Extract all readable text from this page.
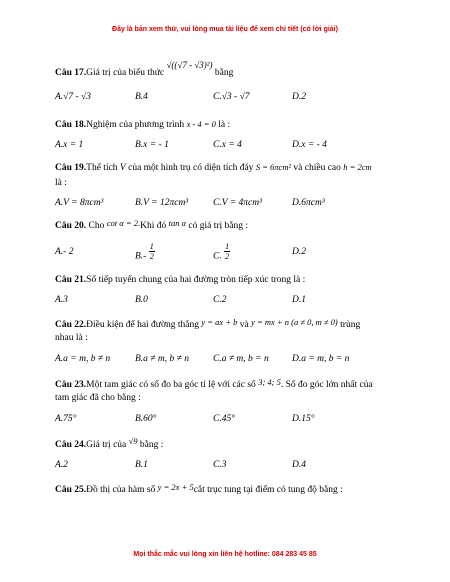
Đây là bản xem thử, vui lòng mua tài liệu để xem chi tiết (có lời giải)
Câu 17.Giá trị của biểu thức √((√7 - √3)²) bằng
A.√7 - √3	B.4	C.√3 - √7	D.2
Câu 18.Nghiệm của phương trình x - 4 = 0 là :
A.x = 1	B.x = - 1	C.x = 4	D.x = - 4
Câu 19.Thể tích V của một hình trụ có diện tích đáy S = 6πcm² và chiều cao h = 2cm
là :
A.V = 8πcm³	B.V = 12πcm³	C.V = 4πcm³	D.6πcm³
Câu 20. Cho cot α = 2.Khi đó tan α có giá trị bằng :
A.- 2	$B.- \frac{1}{2}$	C. $\frac{1}{2}$	D.2
Câu 21.Số tiếp tuyến chung của hai đường tròn tiếp xúc trong là :
A.3	B.0	C.2	D.1
Câu 22.Điều kiện để hai đường thẳng y = ax + b và y = mx + n (a ≠ 0, m ≠ 0) trùng
nhau là :
A.a = m, b ≠ n	B.a ≠ m, b ≠ n	C.a ≠ m, b = n D.a = m, b = n
Câu 23.Một tam giác có số đo ba góc tỉ lệ với các số 3; 4; 5. Số đo góc lớn nhất của
tam giác đã cho bằng :
A.75°	B.60°	C.45°	D.15°
Câu 24.Giá trị của √9 bằng :
A.2	B.1	C.3	D.4
Câu 25.Đồ thị của hàm số y = 2x + 5cắt trục tung tại điểm có tung độ bằng :
Mọi thắc mắc vui lòng xin liên hệ hotline: 084 283 45 85
